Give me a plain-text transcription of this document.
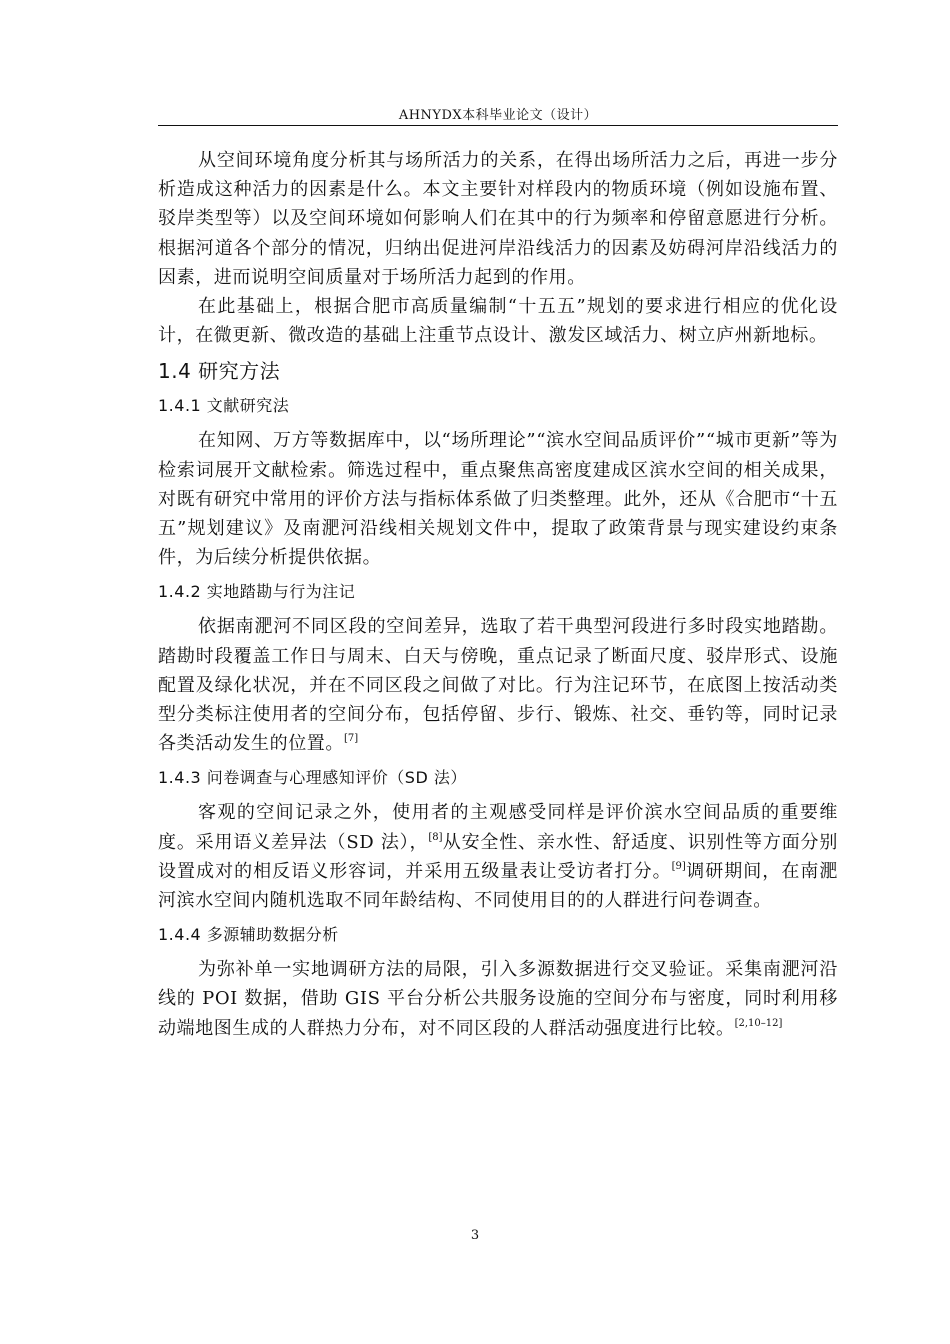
AHNYDX本科毕业论文（设计）

从空间环境角度分析其与场所活力的关系，在得出场所活力之后，再进一步分析造成这种活力的因素是什么。本文主要针对样段内的物质环境（例如设施布置、驳岸类型等）以及空间环境如何影响人们在其中的行为频率和停留意愿进行分析。根据河道各个部分的情况，归纳出促进河岸沿线活力的因素及妨碍河岸沿线活力的因素，进而说明空间质量对于场所活力起到的作用。

在此基础上，根据合肥市高质量编制“十五五”规划的要求进行相应的优化设计，在微更新、微改造的基础上注重节点设计、激发区域活力、树立庐州新地标。

1.4 研究方法
1.4.1 文献研究法

在知网、万方等数据库中，以“场所理论”“滨水空间品质评价”“城市更新”等为检索词展开文献检索。筛选过程中，重点聚焦高密度建成区滨水空间的相关成果，对既有研究中常用的评价方法与指标体系做了归类整理。此外，还从《合肥市“十五五”规划建议》及南淝河沿线相关规划文件中，提取了政策背景与现实建设约束条件，为后续分析提供依据。

1.4.2 实地踏勘与行为注记

依据南淝河不同区段的空间差异，选取了若干典型河段进行多时段实地踏勘。踏勘时段覆盖工作日与周末、白天与傍晚，重点记录了断面尺度、驳岸形式、设施配置及绿化状况，并在不同区段之间做了对比。行为注记环节，在底图上按活动类型分类标注使用者的空间分布，包括停留、步行、锻炼、社交、垂钓等，同时记录各类活动发生的位置。[7]

1.4.3 问卷调查与心理感知评价（SD 法）

客观的空间记录之外，使用者的主观感受同样是评价滨水空间品质的重要维度。采用语义差异法（SD 法），[8]从安全性、亲水性、舒适度、识别性等方面分别设置成对的相反语义形容词，并采用五级量表让受访者打分。[9]调研期间，在南淝河滨水空间内随机选取不同年龄结构、不同使用目的的人群进行问卷调查。

1.4.4 多源辅助数据分析

为弥补单一实地调研方法的局限，引入多源数据进行交叉验证。采集南淝河沿线的 POI 数据，借助 GIS 平台分析公共服务设施的空间分布与密度，同时利用移动端地图生成的人群热力分布，对不同区段的人群活动强度进行比较。[2,10–12]

3
